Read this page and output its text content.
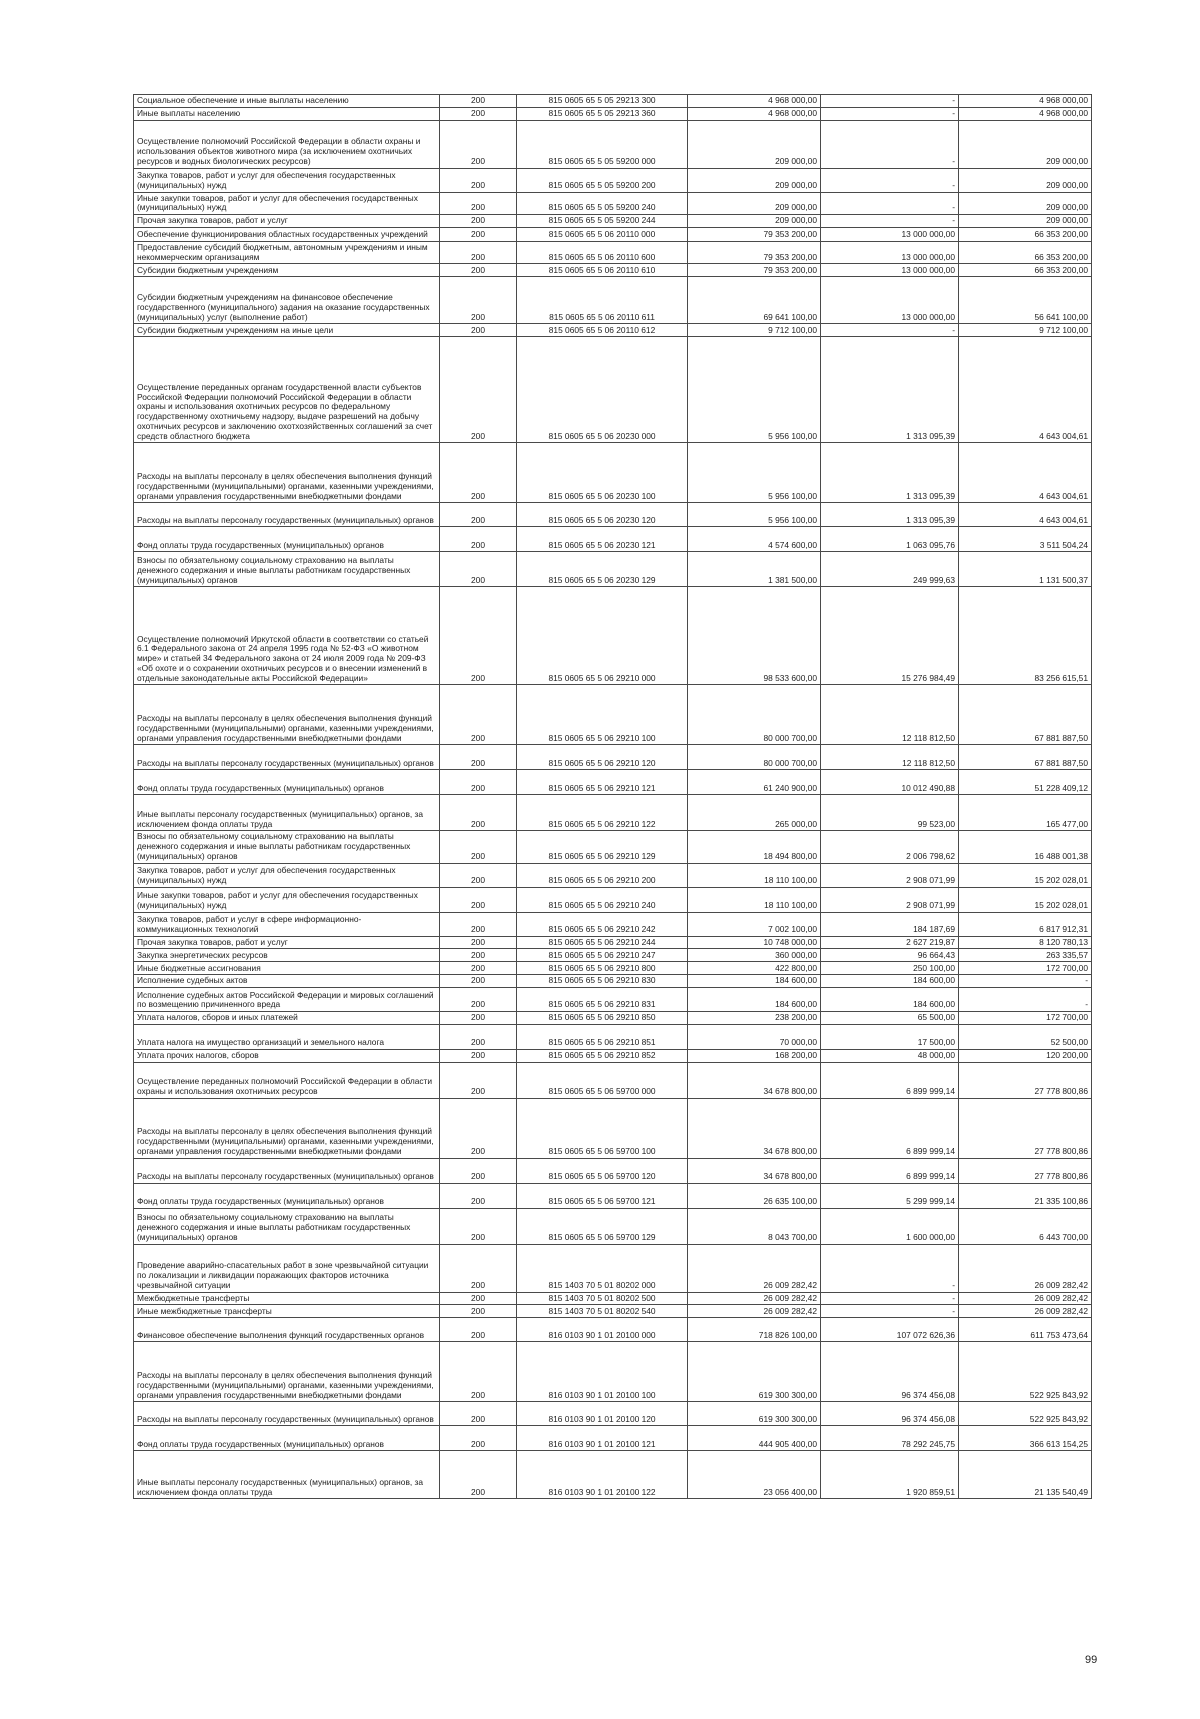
Социальное обеспечение и иные выплаты населению	200	815 0605 65 5 05 29213 300	4 968 000,00	-	4 968 000,00
Иные выплаты населению	200	815 0605 65 5 05 29213 360	4 968 000,00	-	4 968 000,00
Осуществление полномочий Российской Федерации в области охраны и использования объектов животного мира (за исключением охотничьих ресурсов и водных биологических ресурсов)	200	815 0605 65 5 05 59200 000	209 000,00	-	209 000,00
Закупка товаров, работ и услуг для обеспечения государственных (муниципальных) нужд	200	815 0605 65 5 05 59200 200	209 000,00	-	209 000,00
Иные закупки товаров, работ и услуг для обеспечения государственных (муниципальных) нужд	200	815 0605 65 5 05 59200 240	209 000,00	-	209 000,00
Прочая закупка товаров, работ и услуг	200	815 0605 65 5 05 59200 244	209 000,00	-	209 000,00
Обеспечение функционирования областных государственных учреждений	200	815 0605 65 5 06 20110 000	79 353 200,00	13 000 000,00	66 353 200,00
Предоставление субсидий бюджетным, автономным учреждениям и иным некоммерческим организациям	200	815 0605 65 5 06 20110 600	79 353 200,00	13 000 000,00	66 353 200,00
Субсидии бюджетным учреждениям	200	815 0605 65 5 06 20110 610	79 353 200,00	13 000 000,00	66 353 200,00
Субсидии бюджетным учреждениям на финансовое обеспечение государственного (муниципального) задания на оказание государственных (муниципальных) услуг (выполнение работ)	200	815 0605 65 5 06 20110 611	69 641 100,00	13 000 000,00	56 641 100,00
Субсидии бюджетным учреждениям на иные цели	200	815 0605 65 5 06 20110 612	9 712 100,00	-	9 712 100,00
Осуществление переданных органам государственной власти субъектов Российской Федерации полномочий Российской Федерации в области охраны и использования охотничьих ресурсов по федеральному государственному охотничьему надзору, выдаче разрешений на добычу охотничьих ресурсов и заключению охотхозяйственных соглашений за счет средств областного бюджета	200	815 0605 65 5 06 20230 000	5 956 100,00	1 313 095,39	4 643 004,61
Расходы на выплаты персоналу в целях обеспечения выполнения функций государственными (муниципальными) органами, казенными учреждениями, органами управления государственными внебюджетными фондами	200	815 0605 65 5 06 20230 100	5 956 100,00	1 313 095,39	4 643 004,61
Расходы на выплаты персоналу государственных (муниципальных) органов	200	815 0605 65 5 06 20230 120	5 956 100,00	1 313 095,39	4 643 004,61
Фонд оплаты труда государственных (муниципальных) органов	200	815 0605 65 5 06 20230 121	4 574 600,00	1 063 095,76	3 511 504,24
Взносы по обязательному социальному страхованию на выплаты денежного содержания и иные выплаты работникам государственных (муниципальных) органов	200	815 0605 65 5 06 20230 129	1 381 500,00	249 999,63	1 131 500,37
Осуществление полномочий Иркутской области в соответствии со статьей 6.1 Федерального закона от 24 апреля 1995 года № 52-ФЗ «О животном мире» и статьей 34 Федерального закона от 24 июля 2009 года № 209-ФЗ «Об охоте и о сохранении охотничьих ресурсов и о внесении изменений в отдельные законодательные акты Российской Федерации»	200	815 0605 65 5 06 29210 000	98 533 600,00	15 276 984,49	83 256 615,51
Расходы на выплаты персоналу в целях обеспечения выполнения функций государственными (муниципальными) органами, казенными учреждениями, органами управления государственными внебюджетными фондами	200	815 0605 65 5 06 29210 100	80 000 700,00	12 118 812,50	67 881 887,50
Расходы на выплаты персоналу государственных (муниципальных) органов	200	815 0605 65 5 06 29210 120	80 000 700,00	12 118 812,50	67 881 887,50
Фонд оплаты труда государственных (муниципальных) органов	200	815 0605 65 5 06 29210 121	61 240 900,00	10 012 490,88	51 228 409,12
Иные выплаты персоналу государственных (муниципальных) органов, за исключением фонда оплаты труда	200	815 0605 65 5 06 29210 122	265 000,00	99 523,00	165 477,00
Взносы по обязательному социальному страхованию на выплаты денежного содержания и иные выплаты работникам государственных (муниципальных) органов	200	815 0605 65 5 06 29210 129	18 494 800,00	2 006 798,62	16 488 001,38
Закупка товаров, работ и услуг для обеспечения государственных (муниципальных) нужд	200	815 0605 65 5 06 29210 200	18 110 100,00	2 908 071,99	15 202 028,01
Иные закупки товаров, работ и услуг для обеспечения государственных (муниципальных) нужд	200	815 0605 65 5 06 29210 240	18 110 100,00	2 908 071,99	15 202 028,01
Закупка товаров, работ и услуг в сфере информационно-коммуникационных технологий	200	815 0605 65 5 06 29210 242	7 002 100,00	184 187,69	6 817 912,31
Прочая закупка товаров, работ и услуг	200	815 0605 65 5 06 29210 244	10 748 000,00	2 627 219,87	8 120 780,13
Закупка энергетических ресурсов	200	815 0605 65 5 06 29210 247	360 000,00	96 664,43	263 335,57
Иные бюджетные ассигнования	200	815 0605 65 5 06 29210 800	422 800,00	250 100,00	172 700,00
Исполнение судебных актов	200	815 0605 65 5 06 29210 830	184 600,00	184 600,00	-
Исполнение судебных актов Российской Федерации и мировых соглашений по возмещению причиненного вреда	200	815 0605 65 5 06 29210 831	184 600,00	184 600,00	-
Уплата налогов, сборов и иных платежей	200	815 0605 65 5 06 29210 850	238 200,00	65 500,00	172 700,00
Уплата налога на имущество организаций и земельного налога	200	815 0605 65 5 06 29210 851	70 000,00	17 500,00	52 500,00
Уплата прочих налогов, сборов	200	815 0605 65 5 06 29210 852	168 200,00	48 000,00	120 200,00
Осуществление переданных полномочий Российской Федерации в области охраны и использования охотничьих ресурсов	200	815 0605 65 5 06 59700 000	34 678 800,00	6 899 999,14	27 778 800,86
Расходы на выплаты персоналу в целях обеспечения выполнения функций государственными (муниципальными) органами, казенными учреждениями, органами управления государственными внебюджетными фондами	200	815 0605 65 5 06 59700 100	34 678 800,00	6 899 999,14	27 778 800,86
Расходы на выплаты персоналу государственных (муниципальных) органов	200	815 0605 65 5 06 59700 120	34 678 800,00	6 899 999,14	27 778 800,86
Фонд оплаты труда государственных (муниципальных) органов	200	815 0605 65 5 06 59700 121	26 635 100,00	5 299 999,14	21 335 100,86
Взносы по обязательному социальному страхованию на выплаты денежного содержания и иные выплаты работникам государственных (муниципальных) органов	200	815 0605 65 5 06 59700 129	8 043 700,00	1 600 000,00	6 443 700,00
Проведение аварийно-спасательных работ в зоне чрезвычайной ситуации по локализации и ликвидации поражающих факторов источника чрезвычайной ситуации	200	815 1403 70 5 01 80202 000	26 009 282,42	-	26 009 282,42
Межбюджетные трансферты	200	815 1403 70 5 01 80202 500	26 009 282,42	-	26 009 282,42
Иные межбюджетные трансферты	200	815 1403 70 5 01 80202 540	26 009 282,42	-	26 009 282,42
Финансовое обеспечение выполнения функций государственных органов	200	816 0103 90 1 01 20100 000	718 826 100,00	107 072 626,36	611 753 473,64
Расходы на выплаты персоналу в целях обеспечения выполнения функций государственными (муниципальными) органами, казенными учреждениями, органами управления государственными внебюджетными фондами	200	816 0103 90 1 01 20100 100	619 300 300,00	96 374 456,08	522 925 843,92
Расходы на выплаты персоналу государственных (муниципальных) органов	200	816 0103 90 1 01 20100 120	619 300 300,00	96 374 456,08	522 925 843,92
Фонд оплаты труда государственных (муниципальных) органов	200	816 0103 90 1 01 20100 121	444 905 400,00	78 292 245,75	366 613 154,25
Иные выплаты персоналу государственных (муниципальных) органов, за исключением фонда оплаты труда	200	816 0103 90 1 01 20100 122	23 056 400,00	1 920 859,51	21 135 540,49
99
